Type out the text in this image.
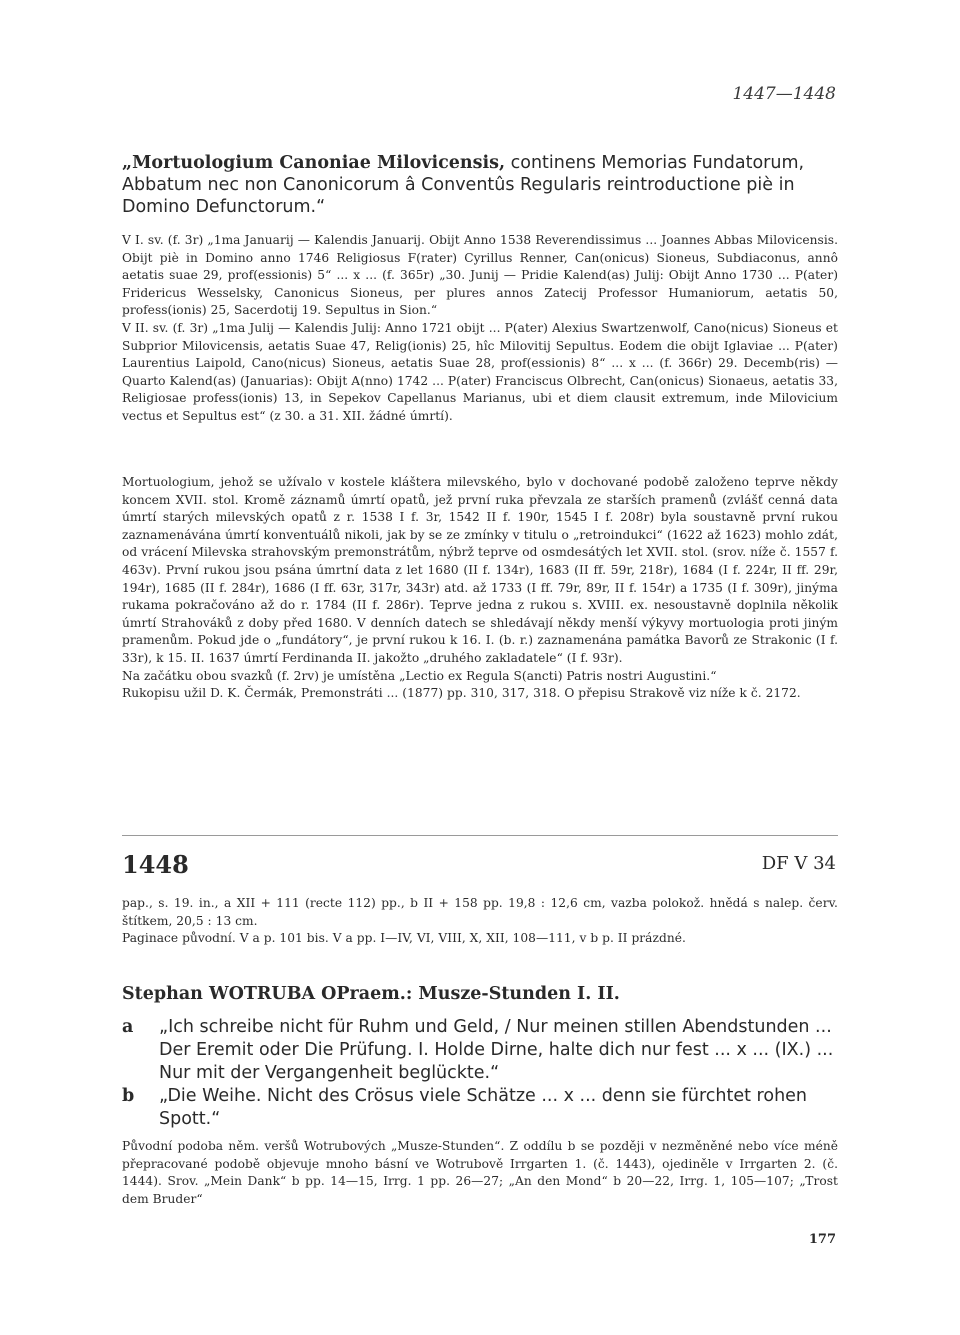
1447—1448
„Mortuologium Canoniae Milovicensis, continens Memorias Fundatorum, Abbatum nec non Canonicorum â Conventûs Regularis reintroductione piè in Domino Defunctorum.“

V I. sv. (f. 3r) „1ma Januarij — Kalendis Januarij. Obijt Anno 1538 Reverendissimus ... Joannes Abbas Milovicensis. Obijt piè in Domino anno 1746 Religiosus F(rater) Cyrillus Renner, Can(onicus) Sioneus, Subdiaconus, annô aetatis suae 29, prof(essionis) 5“ ... x ... (f. 365r) „30. Junij — Pridie Kalend(as) Julij: Obijt Anno 1730 ... P(ater) Fridericus Wesselsky, Canonicus Sioneus, per plures annos Zatecij Professor Humaniorum, aetatis 50, profess(ionis) 25, Sacerdotij 19. Sepultus in Sion.“

V II. sv. (f. 3r) „1ma Julij — Kalendis Julij: Anno 1721 obijt ... P(ater) Alexius Swartzenwolf, Cano(nicus) Sioneus et Subprior Milovicensis, aetatis Suae 47, Relig(ionis) 25, hîc Milovitij Sepultus. Eodem die obijt Iglaviae ... P(ater) Laurentius Laipold, Cano(nicus) Sioneus, aetatis Suae 28, prof(essionis) 8“ ... x ... (f. 366r) 29. Decemb(ris) — Quarto Kalend(as) (Januarias): Obijt A(nno) 1742 ... P(ater) Franciscus Olbrecht, Can(onicus) Sionaeus, aetatis 33, Religiosae profess(ionis) 13, in Sepekov Capellanus Marianus, ubi et diem clausit extremum, inde Milovicium vectus et Sepultus est“ (z 30. a 31. XII. žádné úmrtí).

Mortuologium, jehož se užívalo v kostele kláštera milevského, bylo v dochované podobě založeno teprve někdy koncem XVII. stol. Kromě záznamů úmrtí opatů, jež první ruka převzala ze starších pramenů (zvlášť cenná data úmrtí starých milevských opatů z r. 1538 I f. 3r, 1542 II f. 190r, 1545 I f. 208r) byla soustavně první rukou zaznamenávána úmrtí konventuálů nikoli, jak by se ze zmínky v titulu o „retroindukci“ (1622 až 1623) mohlo zdát, od vrácení Milevska strahovským premonstrátům, nýbrž teprve od osmdesátých let XVII. stol. (srov. níže č. 1557 f. 463v). První rukou jsou psána úmrtní data z let 1680 (II f. 134r), 1683 (II ff. 59r, 218r), 1684 (I f. 224r, II ff. 29r, 194r), 1685 (II f. 284r), 1686 (I ff. 63r, 317r, 343r) atd. až 1733 (I ff. 79r, 89r, II f. 154r) a 1735 (I f. 309r), jinýma rukama pokračováno až do r. 1784 (II f. 286r). Teprve jedna z rukou s. XVIII. ex. nesoustavně doplnila několik úmrtí Strahováků z doby před 1680. V denních datech se shledávají někdy menší výkyvy mortuologia proti jiným pramenům. Pokud jde o „fundátory“, je první rukou k 16. I. (b. r.) zaznamenána památka Bavorů ze Strakonic (I f. 33r), k 15. II. 1637 úmrtí Ferdinanda II. jakožto „druhého zakladatele“ (I f. 93r).

Na začátku obou svazků (f. 2rv) je umístěna „Lectio ex Regula S(ancti) Patris nostri Augustini.“

Rukopisu užil D. K. Čermák, Premonstráti ... (1877) pp. 310, 317, 318. O přepisu Strakově viz níže k č. 2172.

1448	DF V 34

pap., s. 19. in., a XII + 111 (recte 112) pp., b II + 158 pp. 19,8 : 12,6 cm, vazba polokož. hnědá s nalep. červ. štítkem, 20,5 : 13 cm.

Paginace původní. V a p. 101 bis. V a pp. I—IV, VI, VIII, X, XII, 108—111, v b p. II prázdné.

Stephan WOTRUBA OPraem.: Musze-Stunden I. II.
a „Ich schreibe nicht für Ruhm und Geld, / Nur meinen stillen Abendstunden ... Der Eremit oder Die Prüfung. I. Holde Dirne, halte dich nur fest ... x ... (IX.) ... Nur mit der Vergangenheit beglückte.“
b „Die Weihe. Nicht des Crösus viele Schätze ... x ... denn sie fürchtet rohen Spott.“

Původní podoba něm. veršů Wotrubových „Musze-Stunden“. Z oddílu b se později v nezměněné nebo více méně přepracované podobě objevuje mnoho básní ve Wotrubově Irrgarten 1. (č. 1443), ojediněle v Irrgarten 2. (č. 1444). Srov. „Mein Dank“ b pp. 14—15, Irrg. 1 pp. 26—27; „An den Mond“ b 20—22, Irrg. 1, 105—107; „Trost dem Bruder“

177
